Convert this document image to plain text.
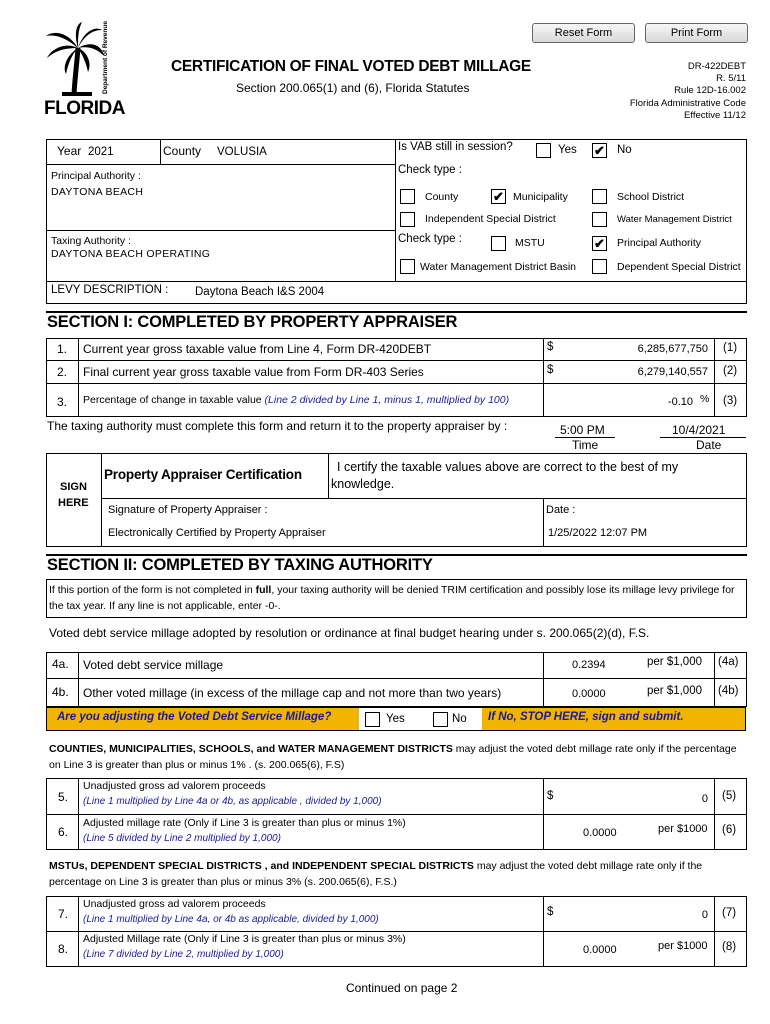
Reset Form	Print Form
Department of Revenue
FLORIDA
CERTIFICATION OF FINAL VOTED DEBT MILLAGE
Section 200.065(1) and (6), Florida Statutes
DR-422DEBT
R. 5/11
Rule 12D-16.002
Florida Administrative Code
Effective 11/12
Year 2021	County VOLUSIA	Is VAB still in session?	Yes ✔ No
Principal Authority :
DAYTONA BEACH
Check type :
County	✔ Municipality	School District
Independent Special District	Water Management District
Taxing Authority :
DAYTONA BEACH OPERATING
Check type :	MSTU	✔ Principal Authority
Water Management District Basin	Dependent Special District
LEVY DESCRIPTION : Daytona Beach I&S 2004
SECTION I: COMPLETED BY PROPERTY APPRAISER
1. Current year gross taxable value from Line 4, Form DR-420DEBT	$	6,285,677,750 (1)
2. Final current year gross taxable value from Form DR-403 Series	$	6,279,140,557 (2)
3. Percentage of change in taxable value (Line 2 divided by Line 1, minus 1, multiplied by 100)	-0.10 % (3)
The taxing authority must complete this form and return it to the property appraiser by :	5:00 PM
Time
10/4/2021
Date
SIGN
HERE
Property Appraiser Certification	I certify the taxable values above are correct to the best of my knowledge.
Signature of Property Appraiser :	Date :
Electronically Certified by Property Appraiser	1/25/2022 12:07 PM
SECTION II: COMPLETED BY TAXING AUTHORITY
If this portion of the form is not completed in full, your taxing authority will be denied TRIM certification and possibly lose its millage levy privilege for the tax year. If any line is not applicable, enter -0-.
Voted debt service millage adopted by resolution or ordinance at final budget hearing under s. 200.065(2)(d), F.S.
4a. Voted debt service millage	0.2394	per $1,000 (4a)
4b. Other voted millage (in excess of the millage cap and not more than two years)	0.0000	per $1,000 (4b)
Are you adjusting the Voted Debt Service Millage?	Yes	No If No, STOP HERE, sign and submit.
COUNTIES, MUNICIPALITIES, SCHOOLS, and WATER MANAGEMENT DISTRICTS may adjust the voted debt millage rate only if the percentage on Line 3 is greater than plus or minus 1% . (s. 200.065(6), F.S)
5.
Unadjusted gross ad valorem proceeds
(Line 1 multiplied by Line 4a or 4b, as applicable , divided by 1,000)	$	0 (5)
6.
Adjusted millage rate (Only if Line 3 is greater than plus or minus 1%)
(Line 5 divided by Line 2 multiplied by 1,000)	0.0000	per $1000 (6)
MSTUs, DEPENDENT SPECIAL DISTRICTS , and INDEPENDENT SPECIAL DISTRICTS may adjust the voted debt millage rate only if the percentage on Line 3 is greater than plus or minus 3% (s. 200.065(6), F.S.)
7.
Unadjusted gross ad valorem proceeds
(Line 1 multiplied by Line 4a, or 4b as applicable, divided by 1,000)
$	0 (7)
8.
Adjusted Millage rate (Only if Line 3 is greater than plus or minus 3%)
(Line 7 divided by Line 2, multiplied by 1,000)	0.0000	per $1000 (8)
Continued on page 2
